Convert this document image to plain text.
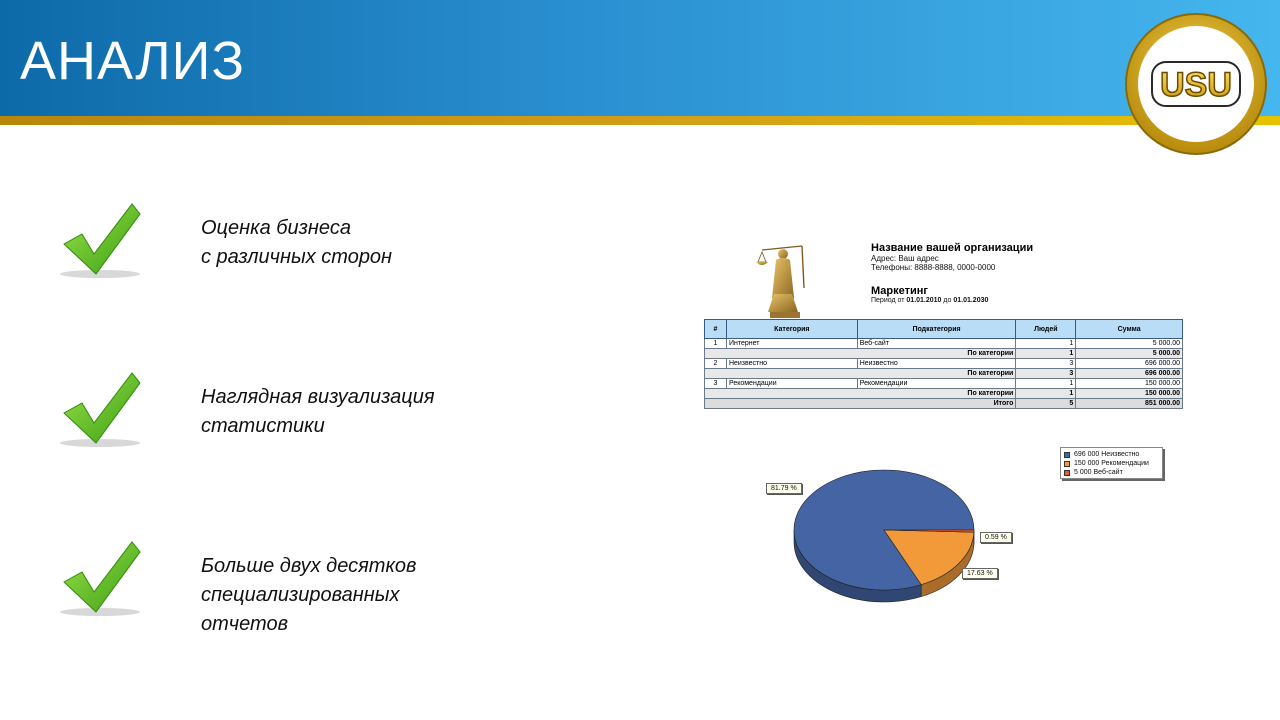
АНАЛИЗ	USU
Оценка бизнеса
с различных сторон
Наглядная визуализация
статистики
Больше двух десятков
специализированных
отчетов
Название вашей организации
Адрес: Ваш адрес
Телефоны: 8888-8888, 0000-0000
Маркетинг
Период от 01.01.2010 до 01.01.2030
#	Категория	Подкатегория	Людей	Сумма
1	Интернет	Веб-сайт	1	5 000.00
По категории			1	5 000.00
2	Неизвестно	Неизвестно	3	696 000.00
По категории			3	696 000.00
3	Рекомендации	Рекомендации	1	150 000.00
По категории			1	150 000.00
Итого			5	851 000.00
696 000 Неизвестно
150 000 Рекомендации
5 000 Веб-сайт
81.79 %
0.59 %
17.63 %
